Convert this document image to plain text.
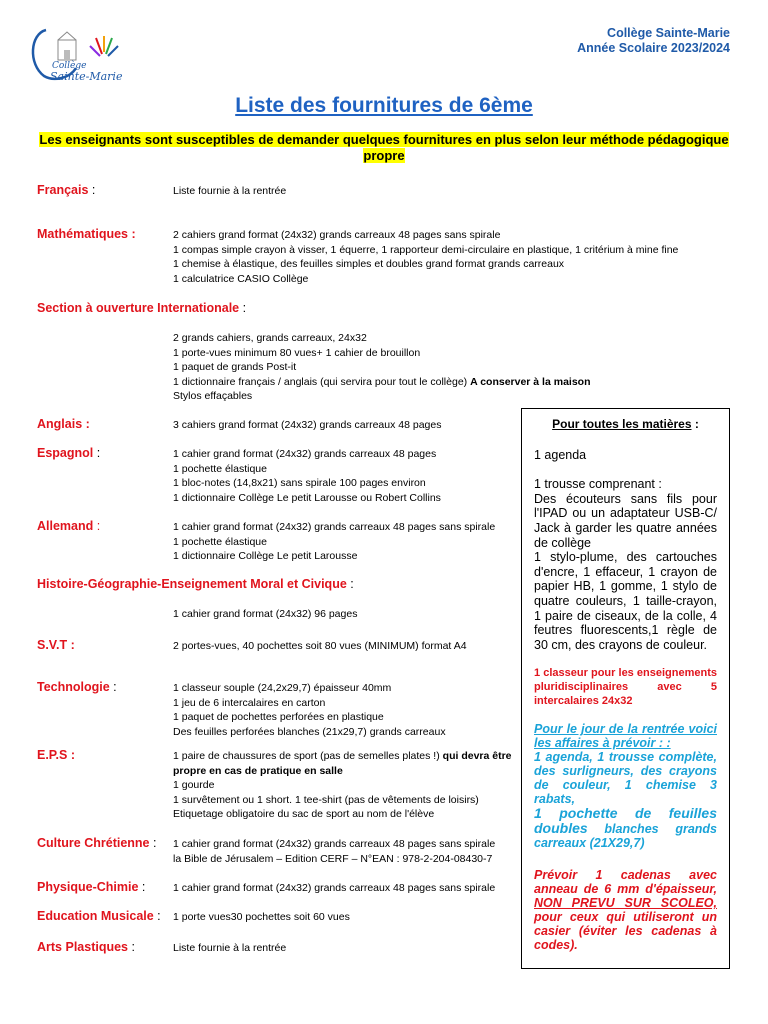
Collège
Sainte-Marie
Collège Sainte-Marie
Année Scolaire 2023/2024
Liste des fournitures de 6ème
Les enseignants sont susceptibles de demander quelques fournitures en plus selon leur méthode pédagogique propre
Français :	Liste fournie à la rentrée
Mathématiques :	2 cahiers grand format (24x32) grands carreaux 48 pages sans spirale
1 compas simple crayon à visser, 1 équerre, 1 rapporteur demi-circulaire en plastique, 1 critérium à mine fine
1 chemise à élastique, des feuilles simples et doubles grand format grands carreaux
1 calculatrice CASIO Collège
Section à ouverture Internationale :
2 grands cahiers, grands carreaux, 24x32
1 porte-vues minimum 80 vues+ 1 cahier de brouillon
1 paquet de grands Post-it
1 dictionnaire français / anglais (qui servira pour tout le collège) A conserver à la maison
Stylos effaçables
Anglais :	3 cahiers grand format (24x32) grands carreaux 48 pages
Espagnol :	1 cahier grand format (24x32) grands carreaux 48 pages
1 pochette élastique
1 bloc-notes (14,8x21) sans spirale 100 pages environ
1 dictionnaire Collège Le petit Larousse ou Robert Collins
Allemand :	1 cahier grand format (24x32) grands carreaux 48 pages sans spirale
1 pochette élastique
1 dictionnaire Collège Le petit Larousse
Histoire-Géographie-Enseignement Moral et Civique :
1 cahier grand format (24x32) 96 pages
S.V.T :	2 portes-vues, 40 pochettes soit 80 vues (MINIMUM) format A4
Technologie :	1 classeur souple (24,2x29,7) épaisseur 40mm
1 jeu de 6 intercalaires en carton
1 paquet de pochettes perforées en plastique
Des feuilles perforées blanches (21x29,7) grands carreaux
E.P.S :	1 paire de chaussures de sport (pas de semelles plates !) qui devra être
propre en cas de pratique en salle
1 gourde
1 survêtement ou 1 short. 1 tee-shirt (pas de vêtements de loisirs)
Etiquetage obligatoire du sac de sport au nom de l'élève
Culture Chrétienne : 1 cahier grand format (24x32) grands carreaux 48 pages sans spirale
la Bible de Jérusalem – Edition CERF – N°EAN : 978-2-204-08430-7
Physique-Chimie :	1 cahier grand format (24x32) grands carreaux 48 pages sans spirale
Education Musicale : 1 porte vues30 pochettes soit 60 vues
Arts Plastiques :	Liste fournie à la rentrée
Pour toutes les matières :
1 agenda
1 trousse comprenant :
Des écouteurs sans fils pour l'IPAD ou un adaptateur USB-C/ Jack à garder les quatre années de collège
1 stylo-plume, des cartouches d'encre, 1 effaceur, 1 crayon de papier HB, 1 gomme, 1 stylo de quatre couleurs, 1 taille-crayon, 1 paire de ciseaux, de la colle, 4 feutres fluorescents,1 règle de 30 cm, des crayons de couleur.
1 classeur pour les enseignements pluridisciplinaires avec 5 intercalaires 24x32
Pour le jour de la rentrée voici les affaires à prévoir : :
1 agenda, 1 trousse complète, des surligneurs, des crayons de couleur, 1 chemise 3 rabats,
1 pochette de feuilles doubles blanches grands carreaux (21X29,7)
Prévoir 1 cadenas avec anneau de 6 mm d'épaisseur, NON PREVU SUR SCOLEO, pour ceux qui utiliseront un casier (éviter les cadenas à codes).
